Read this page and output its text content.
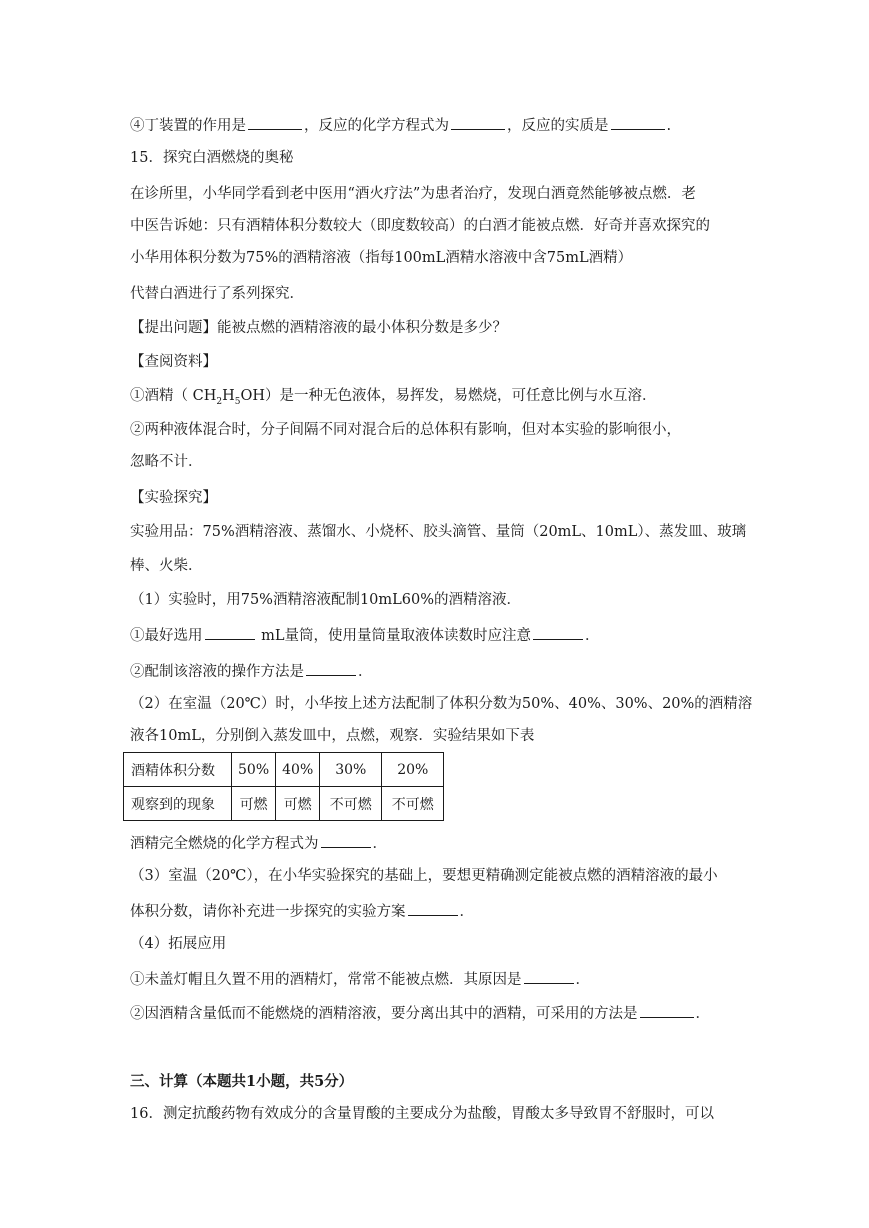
④丁装置的作用是	，反应的化学方程式为	，反应的实质是	.
15．探究白酒燃烧的奥秘
在诊所里，小华同学看到老中医用“酒火疗法”为患者治疗，发现白酒竟然能够被点燃．老
中医告诉她：只有酒精体积分数较大（即度数较高）的白酒才能被点燃．好奇并喜欢探究的
小华用体积分数为75%的酒精溶液（指每100mL酒精水溶液中含75mL酒精）
代替白酒进行了系列探究．
【提出问题】能被点燃的酒精溶液的最小体积分数是多少？
【查阅资料】
①酒精（ $CH_2H_5OH$）是一种无色液体，易挥发，易燃烧，可任意比例与水互溶．
②两种液体混合时，分子间隔不同对混合后的总体积有影响，但对本实验的影响很小，
忽略不计．
【实验探究】
实验用品：75%酒精溶液、蒸馏水、小烧杯、胶头滴管、量筒（20mL、10mL）、蒸发皿、玻璃
棒、火柴．
（1）实验时，用75%酒精溶液配制10mL60%的酒精溶液．
①最好选用	mL量筒，使用量筒量取液体读数时应注意	．
②配制该溶液的操作方法是	．
（2）在室温（20℃）时，小华按上述方法配制了体积分数为50%、40%、30%、20%的酒精溶
液各10mL，分别倒入蒸发皿中，点燃，观察．实验结果如下表
酒精体积分数	50%	40%	30%	20%
观察到的现象	可燃	可燃	不可燃	不可燃
酒精完全燃烧的化学方程式为	．
（3）室温（20℃），在小华实验探究的基础上，要想更精确测定能被点燃的酒精溶液的最小
体积分数，请你补充进一步探究的实验方案	．
（4）拓展应用
①未盖灯帽且久置不用的酒精灯，常常不能被点燃．其原因是	．
②因酒精含量低而不能燃烧的酒精溶液，要分离出其中的酒精，可采用的方法是	．
三、计算（本题共1小题，共5分）
16．测定抗酸药物有效成分的含量胃酸的主要成分为盐酸，胃酸太多导致胃不舒服时，可以
